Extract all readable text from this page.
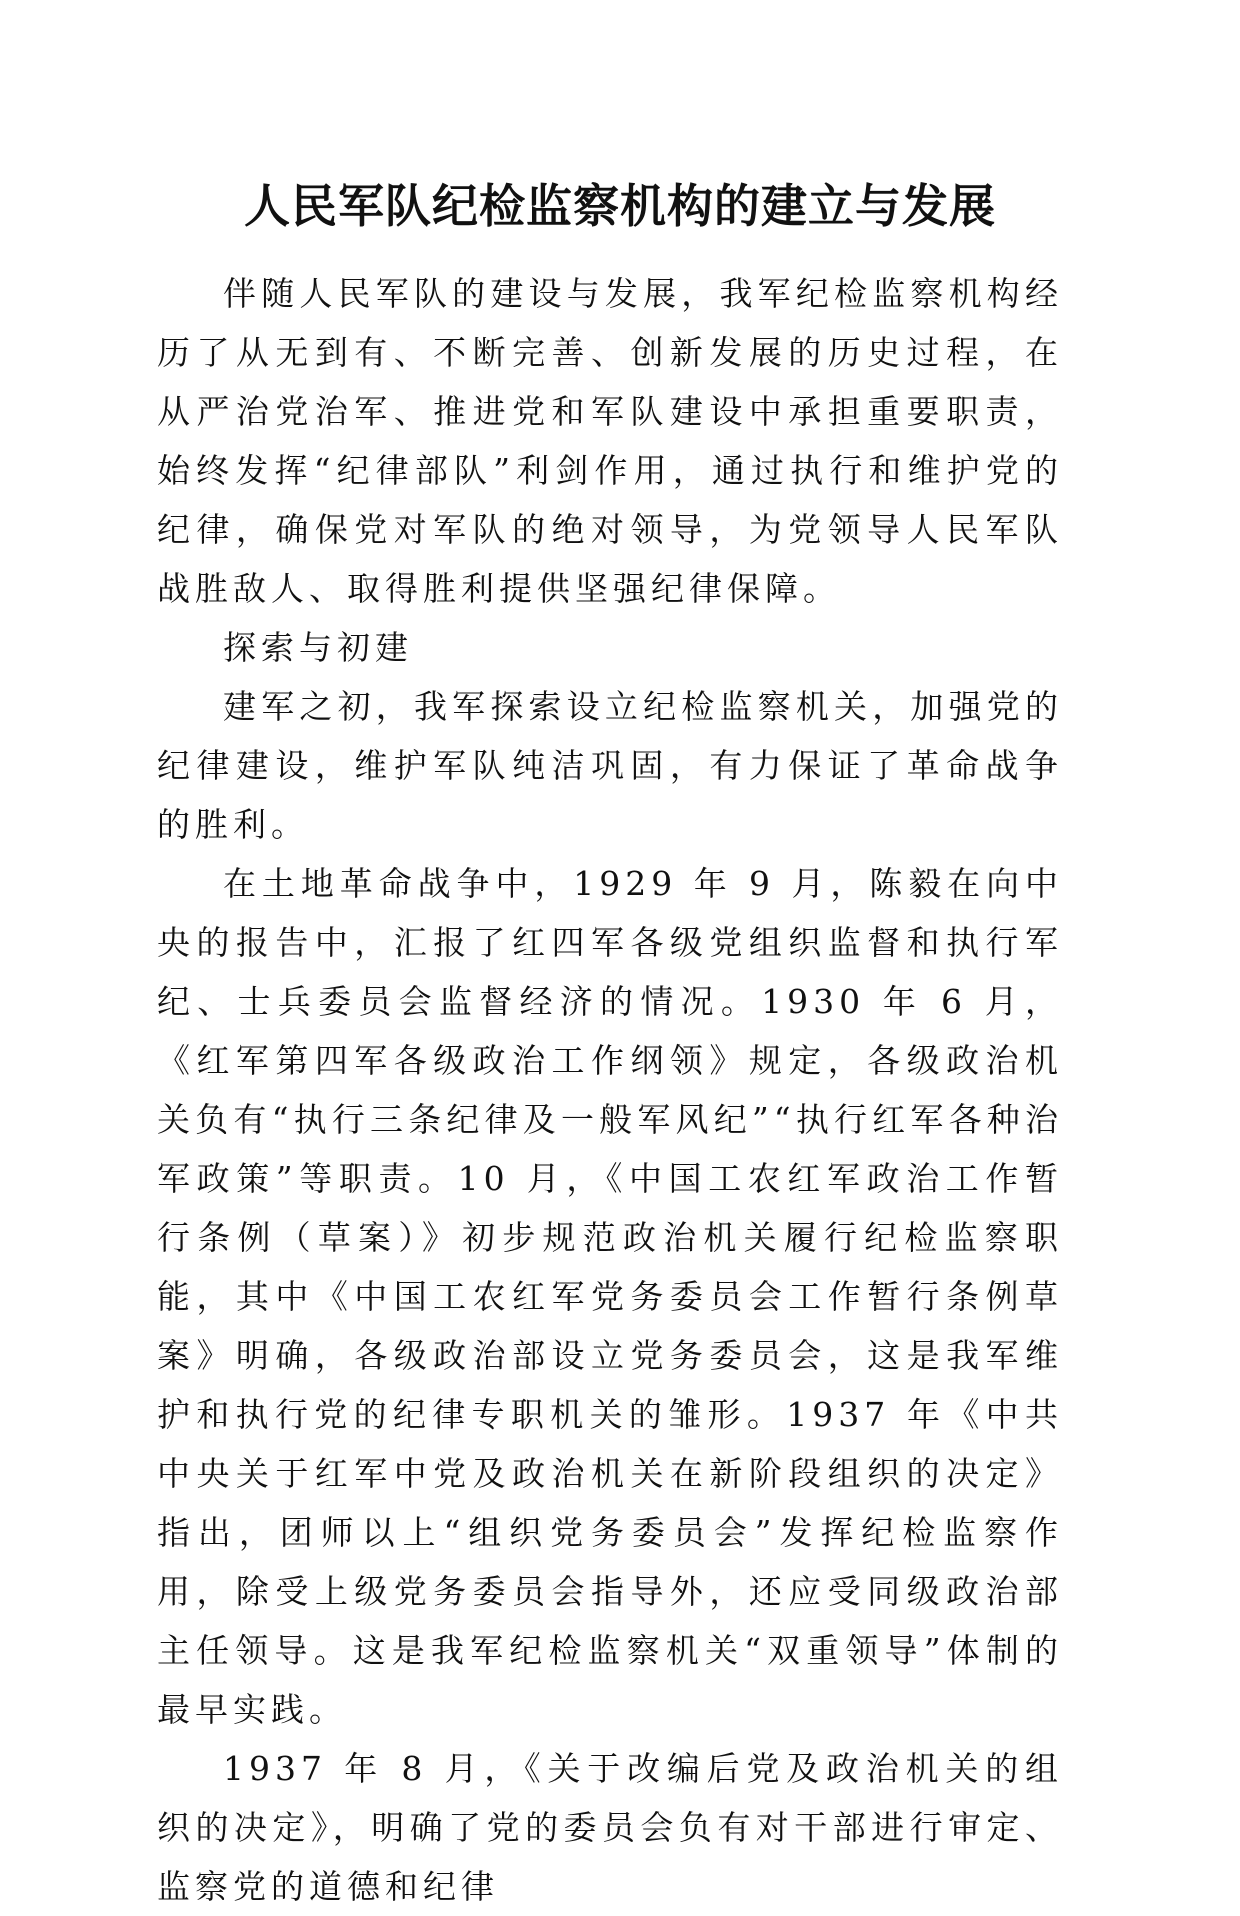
人民军队纪检监察机构的建立与发展

伴随人民军队的建设与发展，我军纪检监察机构经历了从无到有、不断完善、创新发展的历史过程，在从严治党治军、推进党和军队建设中承担重要职责，始终发挥“纪律部队”利剑作用，通过执行和维护党的纪律，确保党对军队的绝对领导，为党领导人民军队战胜敌人、取得胜利提供坚强纪律保障。

探索与初建

建军之初，我军探索设立纪检监察机关，加强党的纪律建设，维护军队纯洁巩固，有力保证了革命战争的胜利。

在土地革命战争中，1929 年 9 月，陈毅在向中央的报告中，汇报了红四军各级党组织监督和执行军纪、士兵委员会监督经济的情况。1930 年 6 月，《红军第四军各级政治工作纲领》规定，各级政治机关负有“执行三条纪律及一般军风纪”“执行红军各种治军政策”等职责。10 月，《中国工农红军政治工作暂行条例（草案）》初步规范政治机关履行纪检监察职能，其中《中国工农红军党务委员会工作暂行条例草案》明确，各级政治部设立党务委员会，这是我军维护和执行党的纪律专职机关的雏形。1937 年《中共中央关于红军中党及政治机关在新阶段组织的决定》指出，团师以上“组织党务委员会”发挥纪检监察作用，除受上级党务委员会指导外，还应受同级政治部主任领导。这是我军纪检监察机关“双重领导”体制的最早实践。

1937 年 8 月，《关于改编后党及政治机关的组织的决定》，明确了党的委员会负有对干部进行审定、监察党的道德和纪律
